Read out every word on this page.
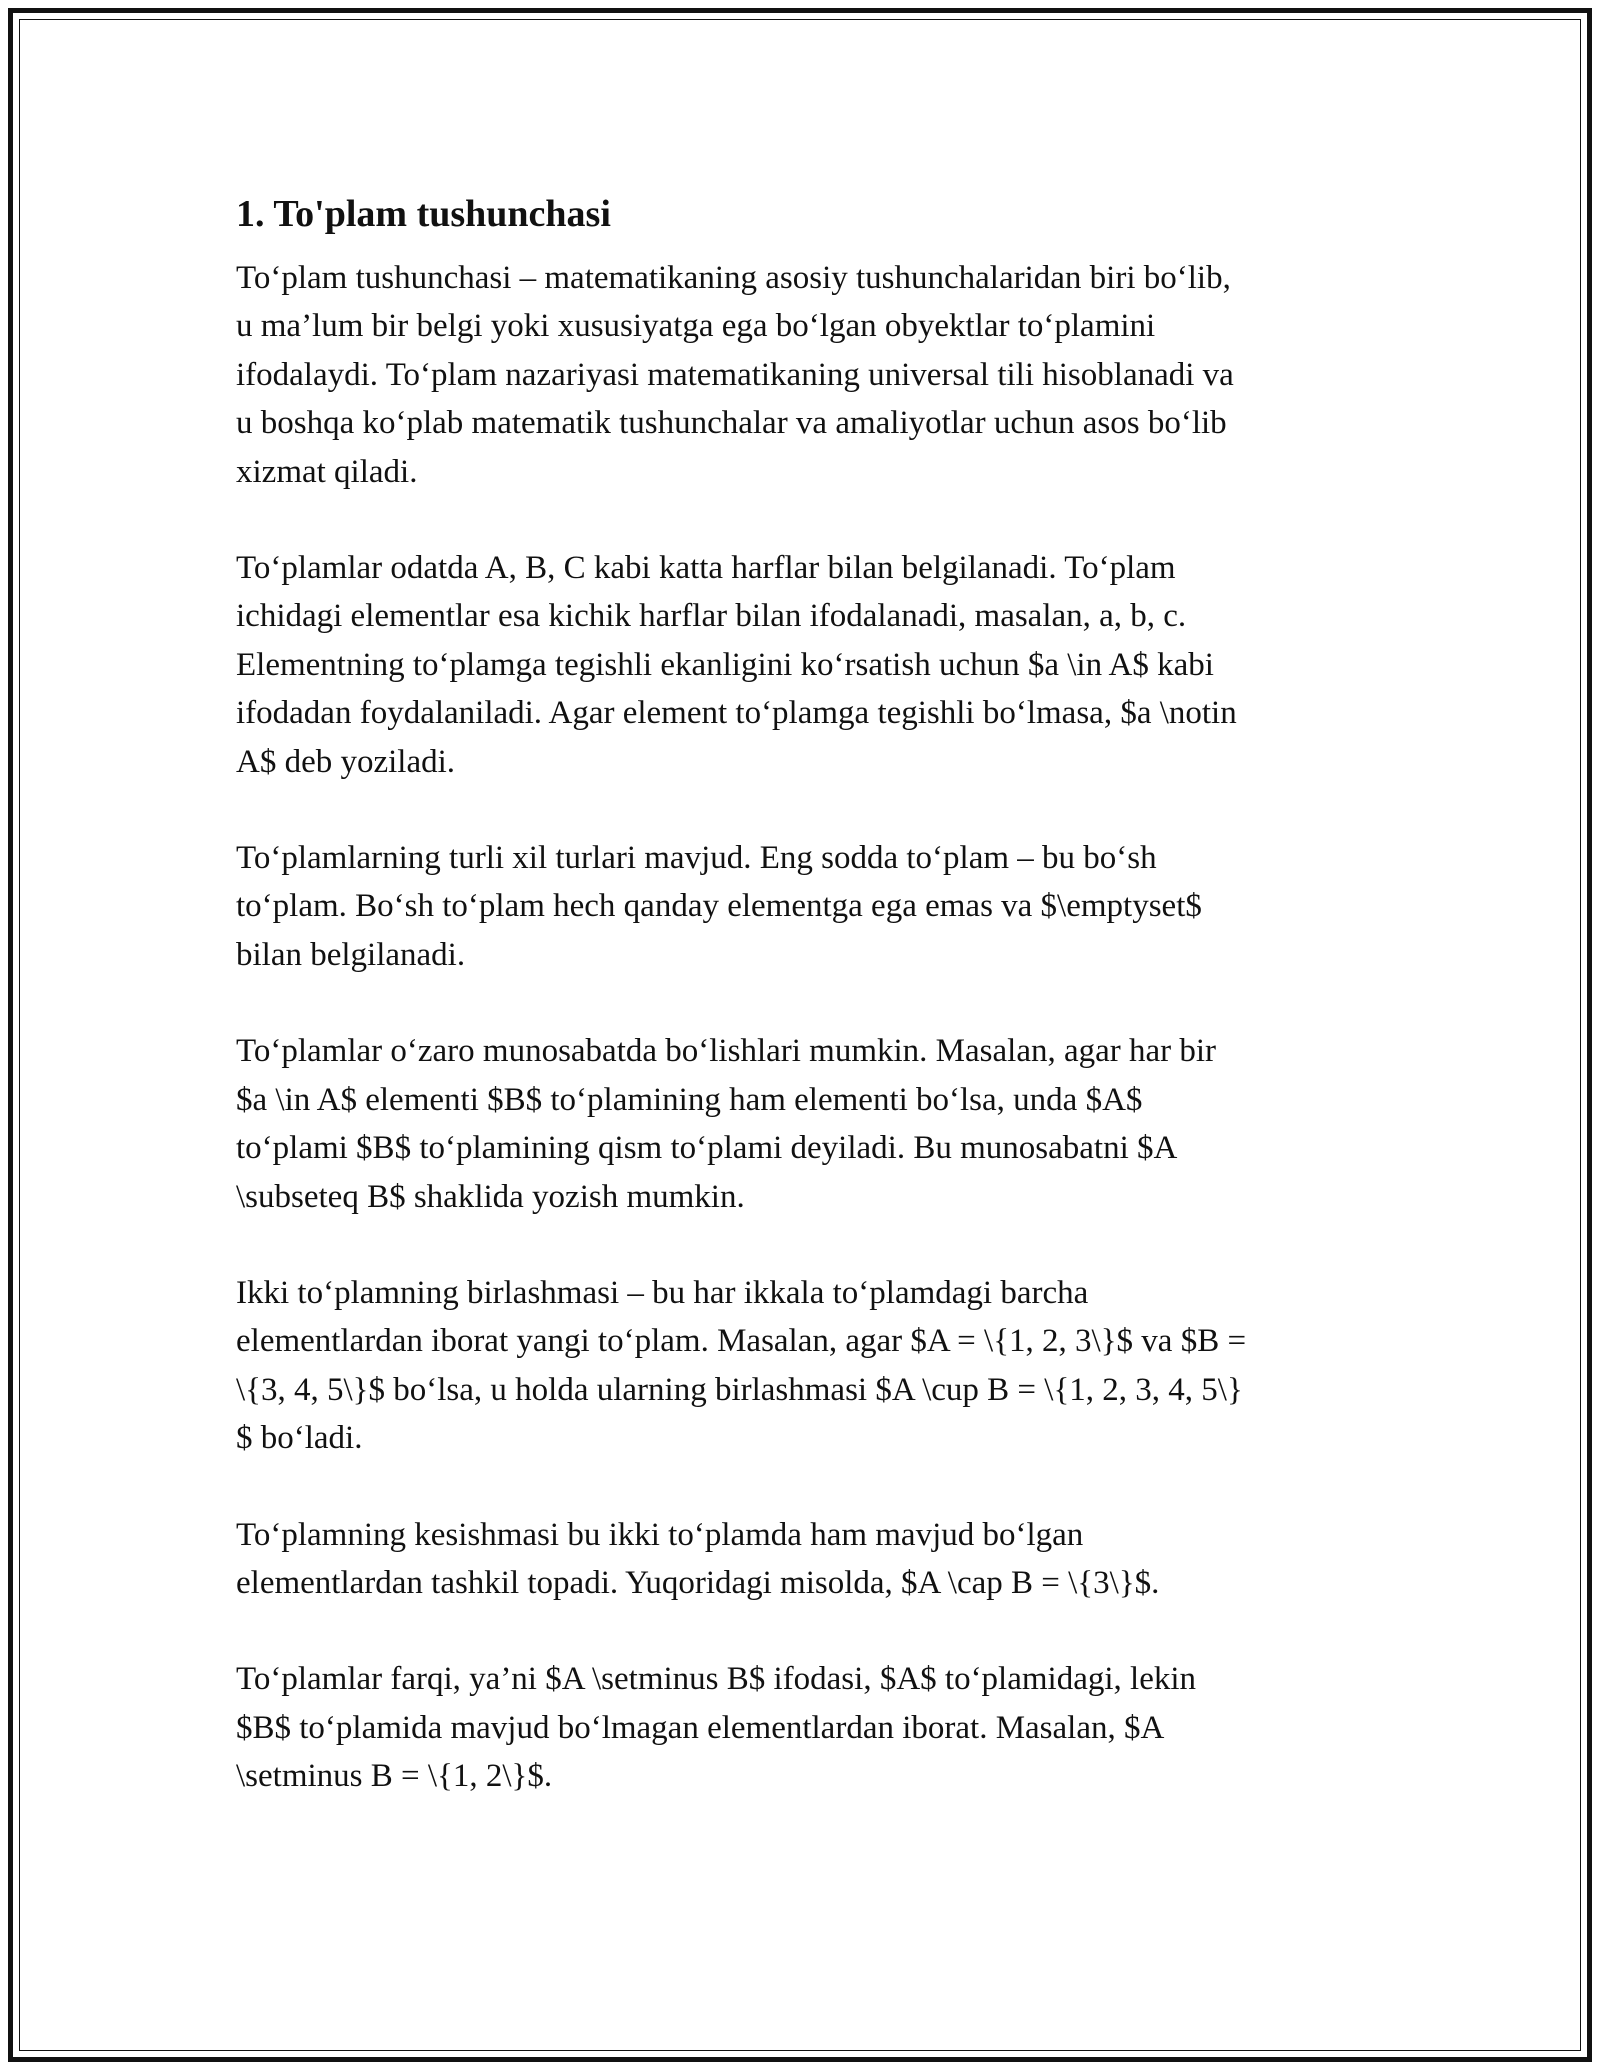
1. To'plam tushunchasi

To‘plam tushunchasi – matematikaning asosiy tushunchalaridan biri bo‘lib,
u ma’lum bir belgi yoki xususiyatga ega bo‘lgan obyektlar to‘plamini
ifodalaydi. To‘plam nazariyasi matematikaning universal tili hisoblanadi va
u boshqa ko‘plab matematik tushunchalar va amaliyotlar uchun asos bo‘lib
xizmat qiladi.

To‘plamlar odatda A, B, C kabi katta harflar bilan belgilanadi. To‘plam
ichidagi elementlar esa kichik harflar bilan ifodalanadi, masalan, a, b, c.
Elementning to‘plamga tegishli ekanligini ko‘rsatish uchun $a \in A$ kabi
ifodadan foydalaniladi. Agar element to‘plamga tegishli bo‘lmasa, $a \notin
A$ deb yoziladi.

To‘plamlarning turli xil turlari mavjud. Eng sodda to‘plam – bu bo‘sh
to‘plam. Bo‘sh to‘plam hech qanday elementga ega emas va $\emptyset$
bilan belgilanadi.

To‘plamlar o‘zaro munosabatda bo‘lishlari mumkin. Masalan, agar har bir
$a \in A$ elementi $B$ to‘plamining ham elementi bo‘lsa, unda $A$
to‘plami $B$ to‘plamining qism to‘plami deyiladi. Bu munosabatni $A
\subseteq B$ shaklida yozish mumkin.

Ikki to‘plamning birlashmasi – bu har ikkala to‘plamdagi barcha
elementlardan iborat yangi to‘plam. Masalan, agar $A = \{1, 2, 3\}$ va $B =
\{3, 4, 5\}$ bo‘lsa, u holda ularning birlashmasi $A \cup B = \{1, 2, 3, 4, 5\}
$ bo‘ladi.

To‘plamning kesishmasi bu ikki to‘plamda ham mavjud bo‘lgan
elementlardan tashkil topadi. Yuqoridagi misolda, $A \cap B = \{3\}$.

To‘plamlar farqi, ya’ni $A \setminus B$ ifodasi, $A$ to‘plamidagi, lekin
$B$ to‘plamida mavjud bo‘lmagan elementlardan iborat. Masalan, $A
\setminus B = \{1, 2\}$.
